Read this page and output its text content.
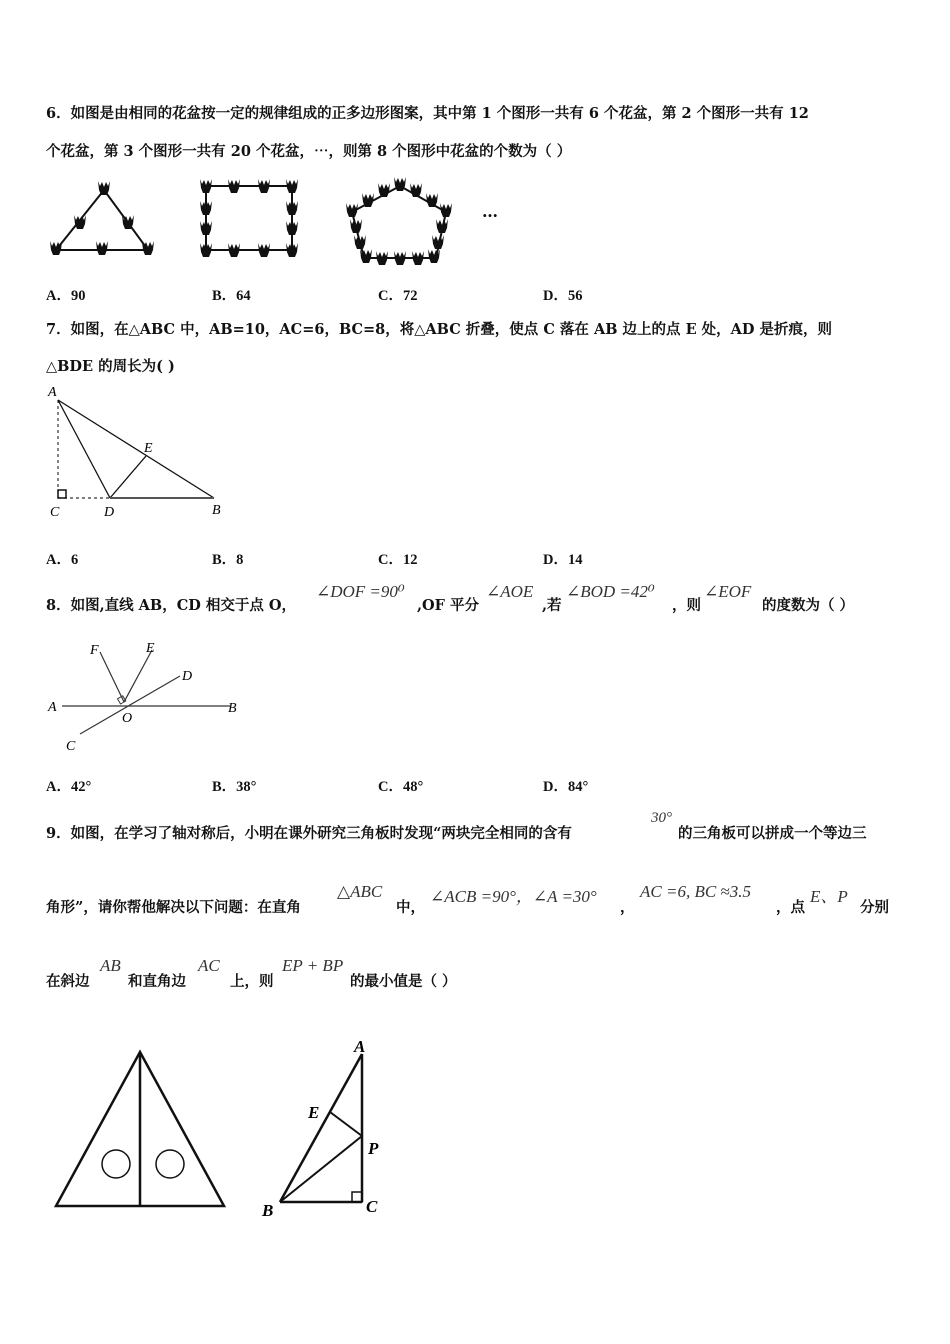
6．如图是由相同的花盆按一定的规律组成的正多边形图案，其中第 1 个图形一共有 6 个花盆，第 2 个图形一共有 12
个花盆，第 3 个图形一共有 20 个花盆，⋯，则第 8 个图形中花盆的个数为（ ）
…
A．90	B．64	C．72	D．56
7．如图，在△ABC 中，AB=10，AC=6，BC=8，将△ABC 折叠，使点 C 落在 AB 边上的点 E 处，AD 是折痕，则
△BDE 的周长为( )
A
E
C	D	B
A．6	B．8	C．12	D．14
8．如图,直线 AB，CD 相交于点 O，
∠DOF =90⁰
,OF 平分
∠AOE
,若
∠BOD =42⁰
，则
∠EOF
的度数为（ ）
F	E
D
A
O
B
C
A．42°	B．38°	C．48°	D．84°
9．如图，在学习了轴对称后，小明在课外研究三角板时发现“两块完全相同的含有
30°
的三角板可以拼成一个等边三
角形”，请你帮他解决以下问题：在直角
△ABC
中，
∠ACB =90°，∠A =30°
，
AC =6, BC ≈3.5
，点
E、P
分别
在斜边
AB
和直角边
AC
上，则
EP + BP
的最小值是（ ）
A
E
P
B	C
